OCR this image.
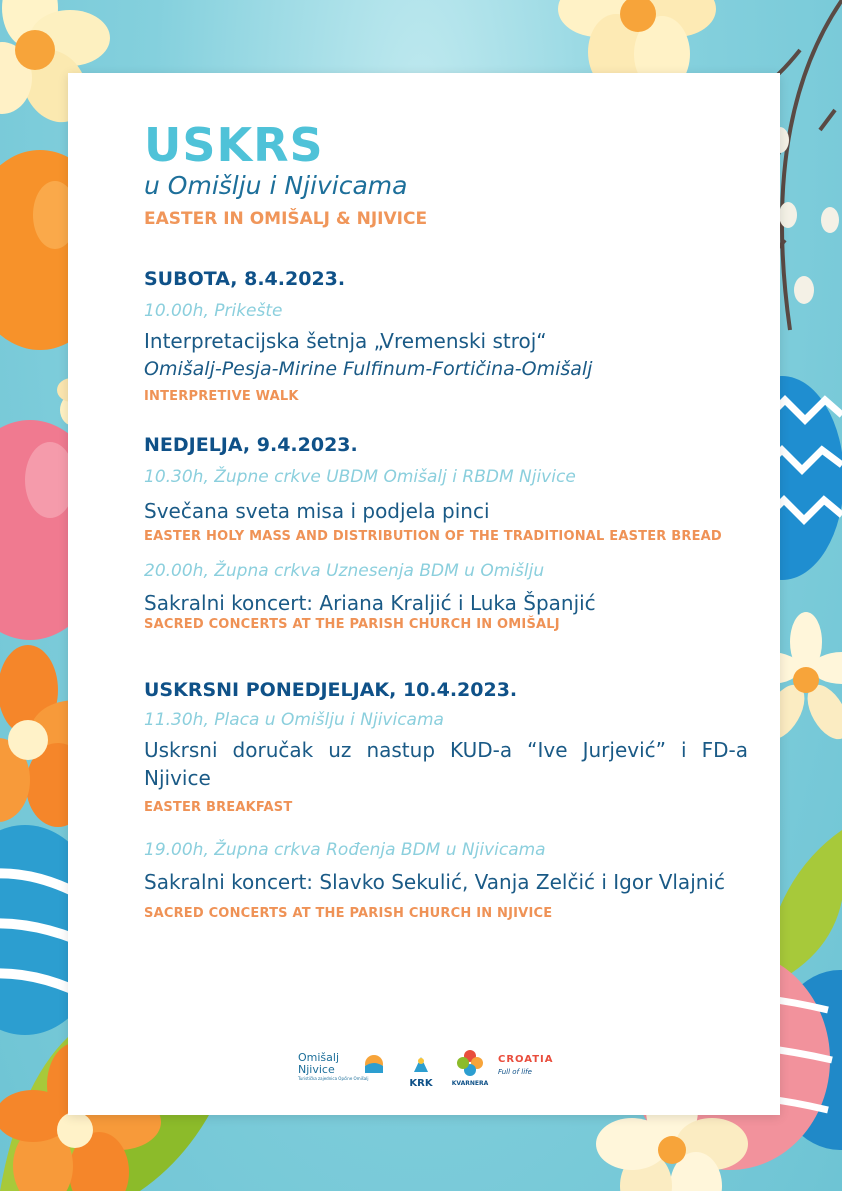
USKRS
u Omišlju i Njivicama
EASTER IN OMIŠALJ & NJIVICE
SUBOTA, 8.4.2023.
10.00h, Prikešte
Interpretacijska šetnja „Vremenski stroj“
Omišalj-Pesja-Mirine Fulfinum-Fortičina-Omišalj
INTERPRETIVE WALK
NEDJELJA, 9.4.2023.
10.30h, Župne crkve UBDM Omišalj i RBDM Njivice
Svečana sveta misa i podjela pinci
EASTER HOLY MASS AND DISTRIBUTION OF THE TRADITIONAL EASTER BREAD
20.00h, Župna crkva Uznesenja BDM u Omišlju
Sakralni koncert: Ariana Kraljić i Luka Španjić
SACRED CONCERTS AT THE PARISH CHURCH IN OMIŠALJ
USKRSNI PONEDJELJAK, 10.4.2023.
11.30h, Placa u Omišlju i Njivicama
Uskrsni doručak uz nastup KUD-a “Ive Jurjević” i FD-a Njivice
EASTER BREAKFAST
19.00h, Župna crkva Rođenja BDM u Njivicama
Sakralni koncert: Slavko Sekulić, Vanja Zelčić i Igor Vlajnić
SACRED CONCERTS AT THE PARISH CHURCH IN NJIVICE
Omišalj
Njivice
Turistička zajednica Općine Omišalj	KRK	KVARNERA
CROATIA
Full of life
